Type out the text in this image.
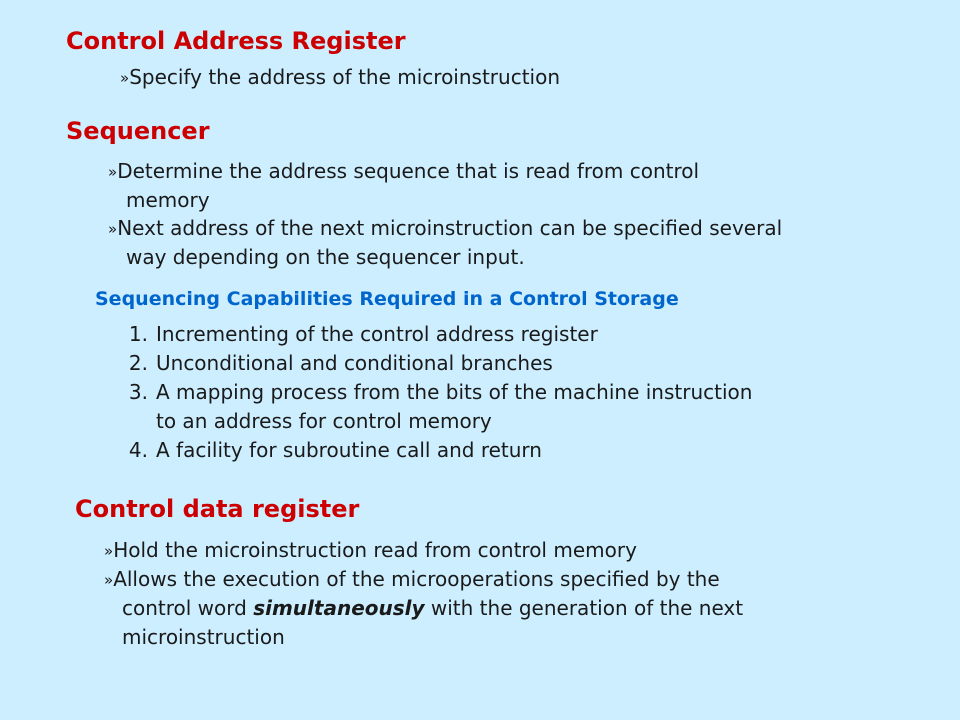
Control Address Register
»Specify the address of the microinstruction
Sequencer
»Determine the address sequence that is read from control
memory
»Next address of the next microinstruction can be specified several
way depending on the sequencer input.
Sequencing Capabilities Required in a Control Storage
1. Incrementing of the control address register
2. Unconditional and conditional branches
3. A mapping process from the bits of the machine instruction
to an address for control memory
4. A facility for subroutine call and return
Control data register
»Hold the microinstruction read from control memory
»Allows the execution of the microoperations specified by the
control word simultaneously with the generation of the next
microinstruction
